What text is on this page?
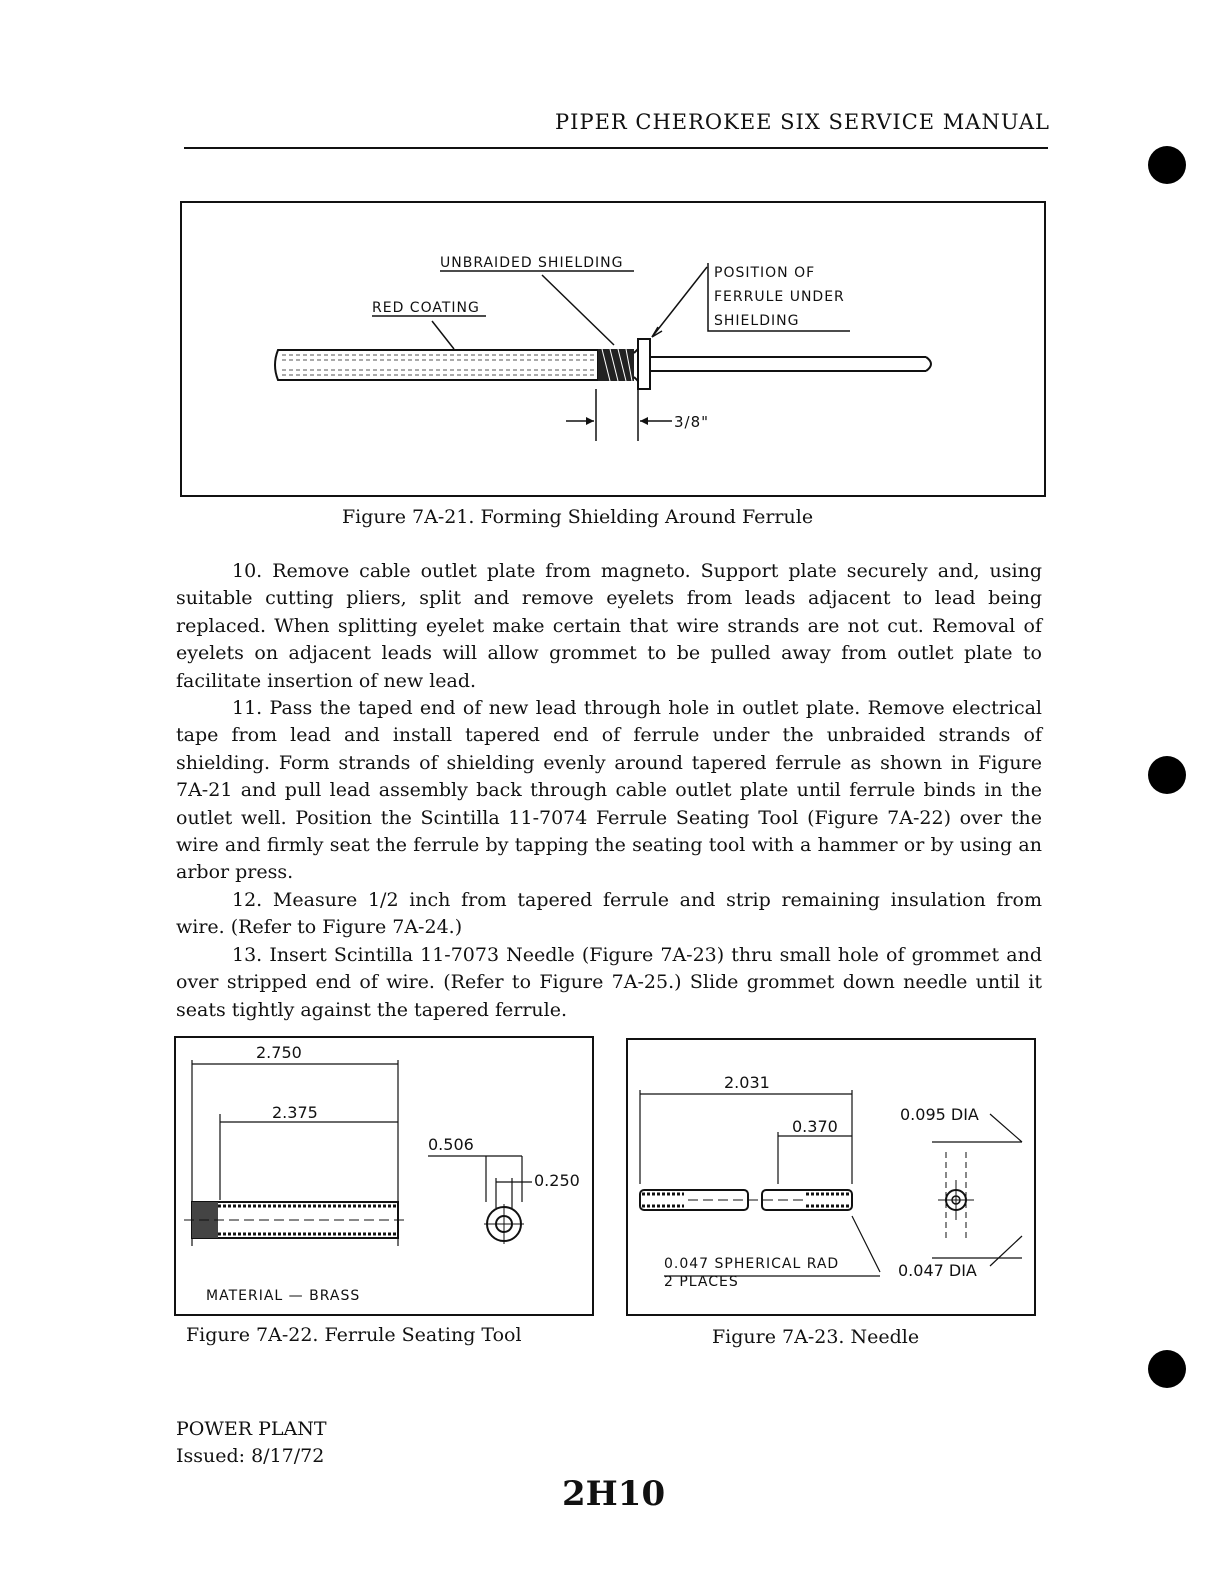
PIPER CHEROKEE SIX SERVICE MANUAL
UNBRAIDED SHIELDING
RED COATING
POSITION OF
FERRULE UNDER
SHIELDING
3/8"
Figure 7A-21. Forming Shielding Around Ferrule

10. Remove cable outlet plate from magneto. Support plate securely and, using suitable cutting pliers, split and remove eyelets from leads adjacent to lead being replaced. When splitting eyelet make certain that wire strands are not cut. Removal of eyelets on adjacent leads will allow grommet to be pulled away from outlet plate to facilitate insertion of new lead.

11. Pass the taped end of new lead through hole in outlet plate. Remove electrical tape from lead and install tapered end of ferrule under the unbraided strands of shielding. Form strands of shielding evenly around tapered ferrule as shown in Figure 7A-21 and pull lead assembly back through cable outlet plate until ferrule binds in the outlet well. Position the Scintilla 11-7074 Ferrule Seating Tool (Figure 7A-22) over the wire and firmly seat the ferrule by tapping the seating tool with a hammer or by using an arbor press.

12. Measure 1/2 inch from tapered ferrule and strip remaining insulation from wire. (Refer to Figure 7A-24.)

13. Insert Scintilla 11-7073 Needle (Figure 7A-23) thru small hole of grommet and over stripped end of wire. (Refer to Figure 7A-25.) Slide grommet down needle until it seats tightly against the tapered ferrule.

2.750
2.375
0.506
0.250
MATERIAL — BRASS
Figure 7A-22. Ferrule Seating Tool
2.031
0.370
0.095 DIA
0.047 DIA
0.047 SPHERICAL RAD
2 PLACES
Figure 7A-23. Needle
POWER PLANT
Issued: 8/17/72
2H10
